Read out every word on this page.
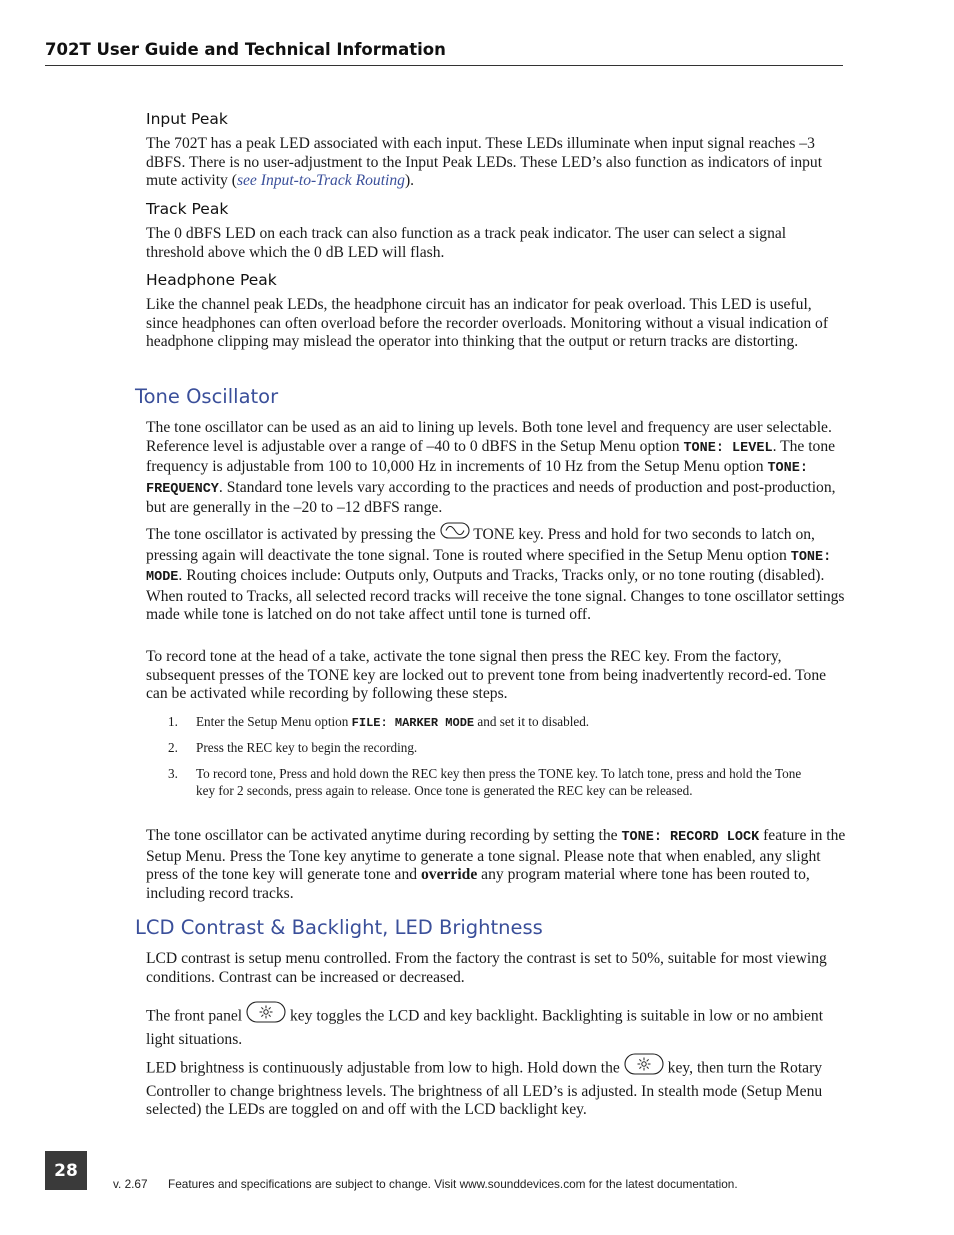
702T User Guide and Technical Information
Input Peak
The 702T has a peak LED associated with each input. These LEDs illuminate when input signal reaches –3 dBFS. There is no user-adjustment to the Input Peak LEDs. These LED’s also function as indicators of input mute activity (see Input-to-Track Routing).
Track Peak
The 0 dBFS LED on each track can also function as a track peak indicator. The user can select a signal threshold above which the 0 dB LED will flash.
Headphone Peak
Like the channel peak LEDs, the headphone circuit has an indicator for peak overload. This LED is useful, since headphones can often overload before the recorder overloads. Monitoring without a visual indication of headphone clipping may mislead the operator into thinking that the output or return tracks are distorting.
Tone Oscillator
The tone oscillator can be used as an aid to lining up levels. Both tone level and frequency are user selectable. Reference level is adjustable over a range of –40 to 0 dBFS in the Setup Menu option TONE: LEVEL. The tone frequency is adjustable from 100 to 10,000 Hz in increments of 10 Hz from the Setup Menu option TONE: FREQUENCY. Standard tone levels vary according to the practices and needs of production and post-production, but are generally in the –20 to –12 dBFS range.
The tone oscillator is activated by pressing the TONE key. Press and hold for two seconds to latch on, pressing again will deactivate the tone signal. Tone is routed where specified in the Setup Menu option TONE: MODE. Routing choices include: Outputs only, Outputs and Tracks, Tracks only, or no tone routing (disabled). When routed to Tracks, all selected record tracks will receive the tone signal. Changes to tone oscillator settings made while tone is latched on do not take affect until tone is turned off.
To record tone at the head of a take, activate the tone signal then press the REC key. From the factory, subsequent presses of the TONE key are locked out to prevent tone from being inadvertently record-ed. Tone can be activated while recording by following these steps.
1.	Enter the Setup Menu option FILE: MARKER MODE and set it to disabled.
2.	Press the REC key to begin the recording.
3.	To record tone, Press and hold down the REC key then press the TONE key. To latch tone, press and hold the Tone key for 2 seconds, press again to release. Once tone is generated the REC key can be released.
The tone oscillator can be activated anytime during recording by setting the TONE: RECORD LOCK feature in the Setup Menu. Press the Tone key anytime to generate a tone signal. Please note that when enabled, any slight press of the tone key will generate tone and override any program material where tone has been routed to, including record tracks.
LCD Contrast & Backlight, LED Brightness
LCD contrast is setup menu controlled. From the factory the contrast is set to 50%, suitable for most viewing conditions. Contrast can be increased or decreased.
The front panel	key toggles the LCD and key backlight. Backlighting is suitable in low or no ambient light situations.
LED brightness is continuously adjustable from low to high. Hold down the	key, then turn the Rotary Controller to change brightness levels. The brightness of all LED’s is adjusted. In stealth mode (Setup Menu selected) the LEDs are toggled on and off with the LCD backlight key.
28
v. 2.67 Features and specifications are subject to change. Visit www.sounddevices.com for the latest documentation.
